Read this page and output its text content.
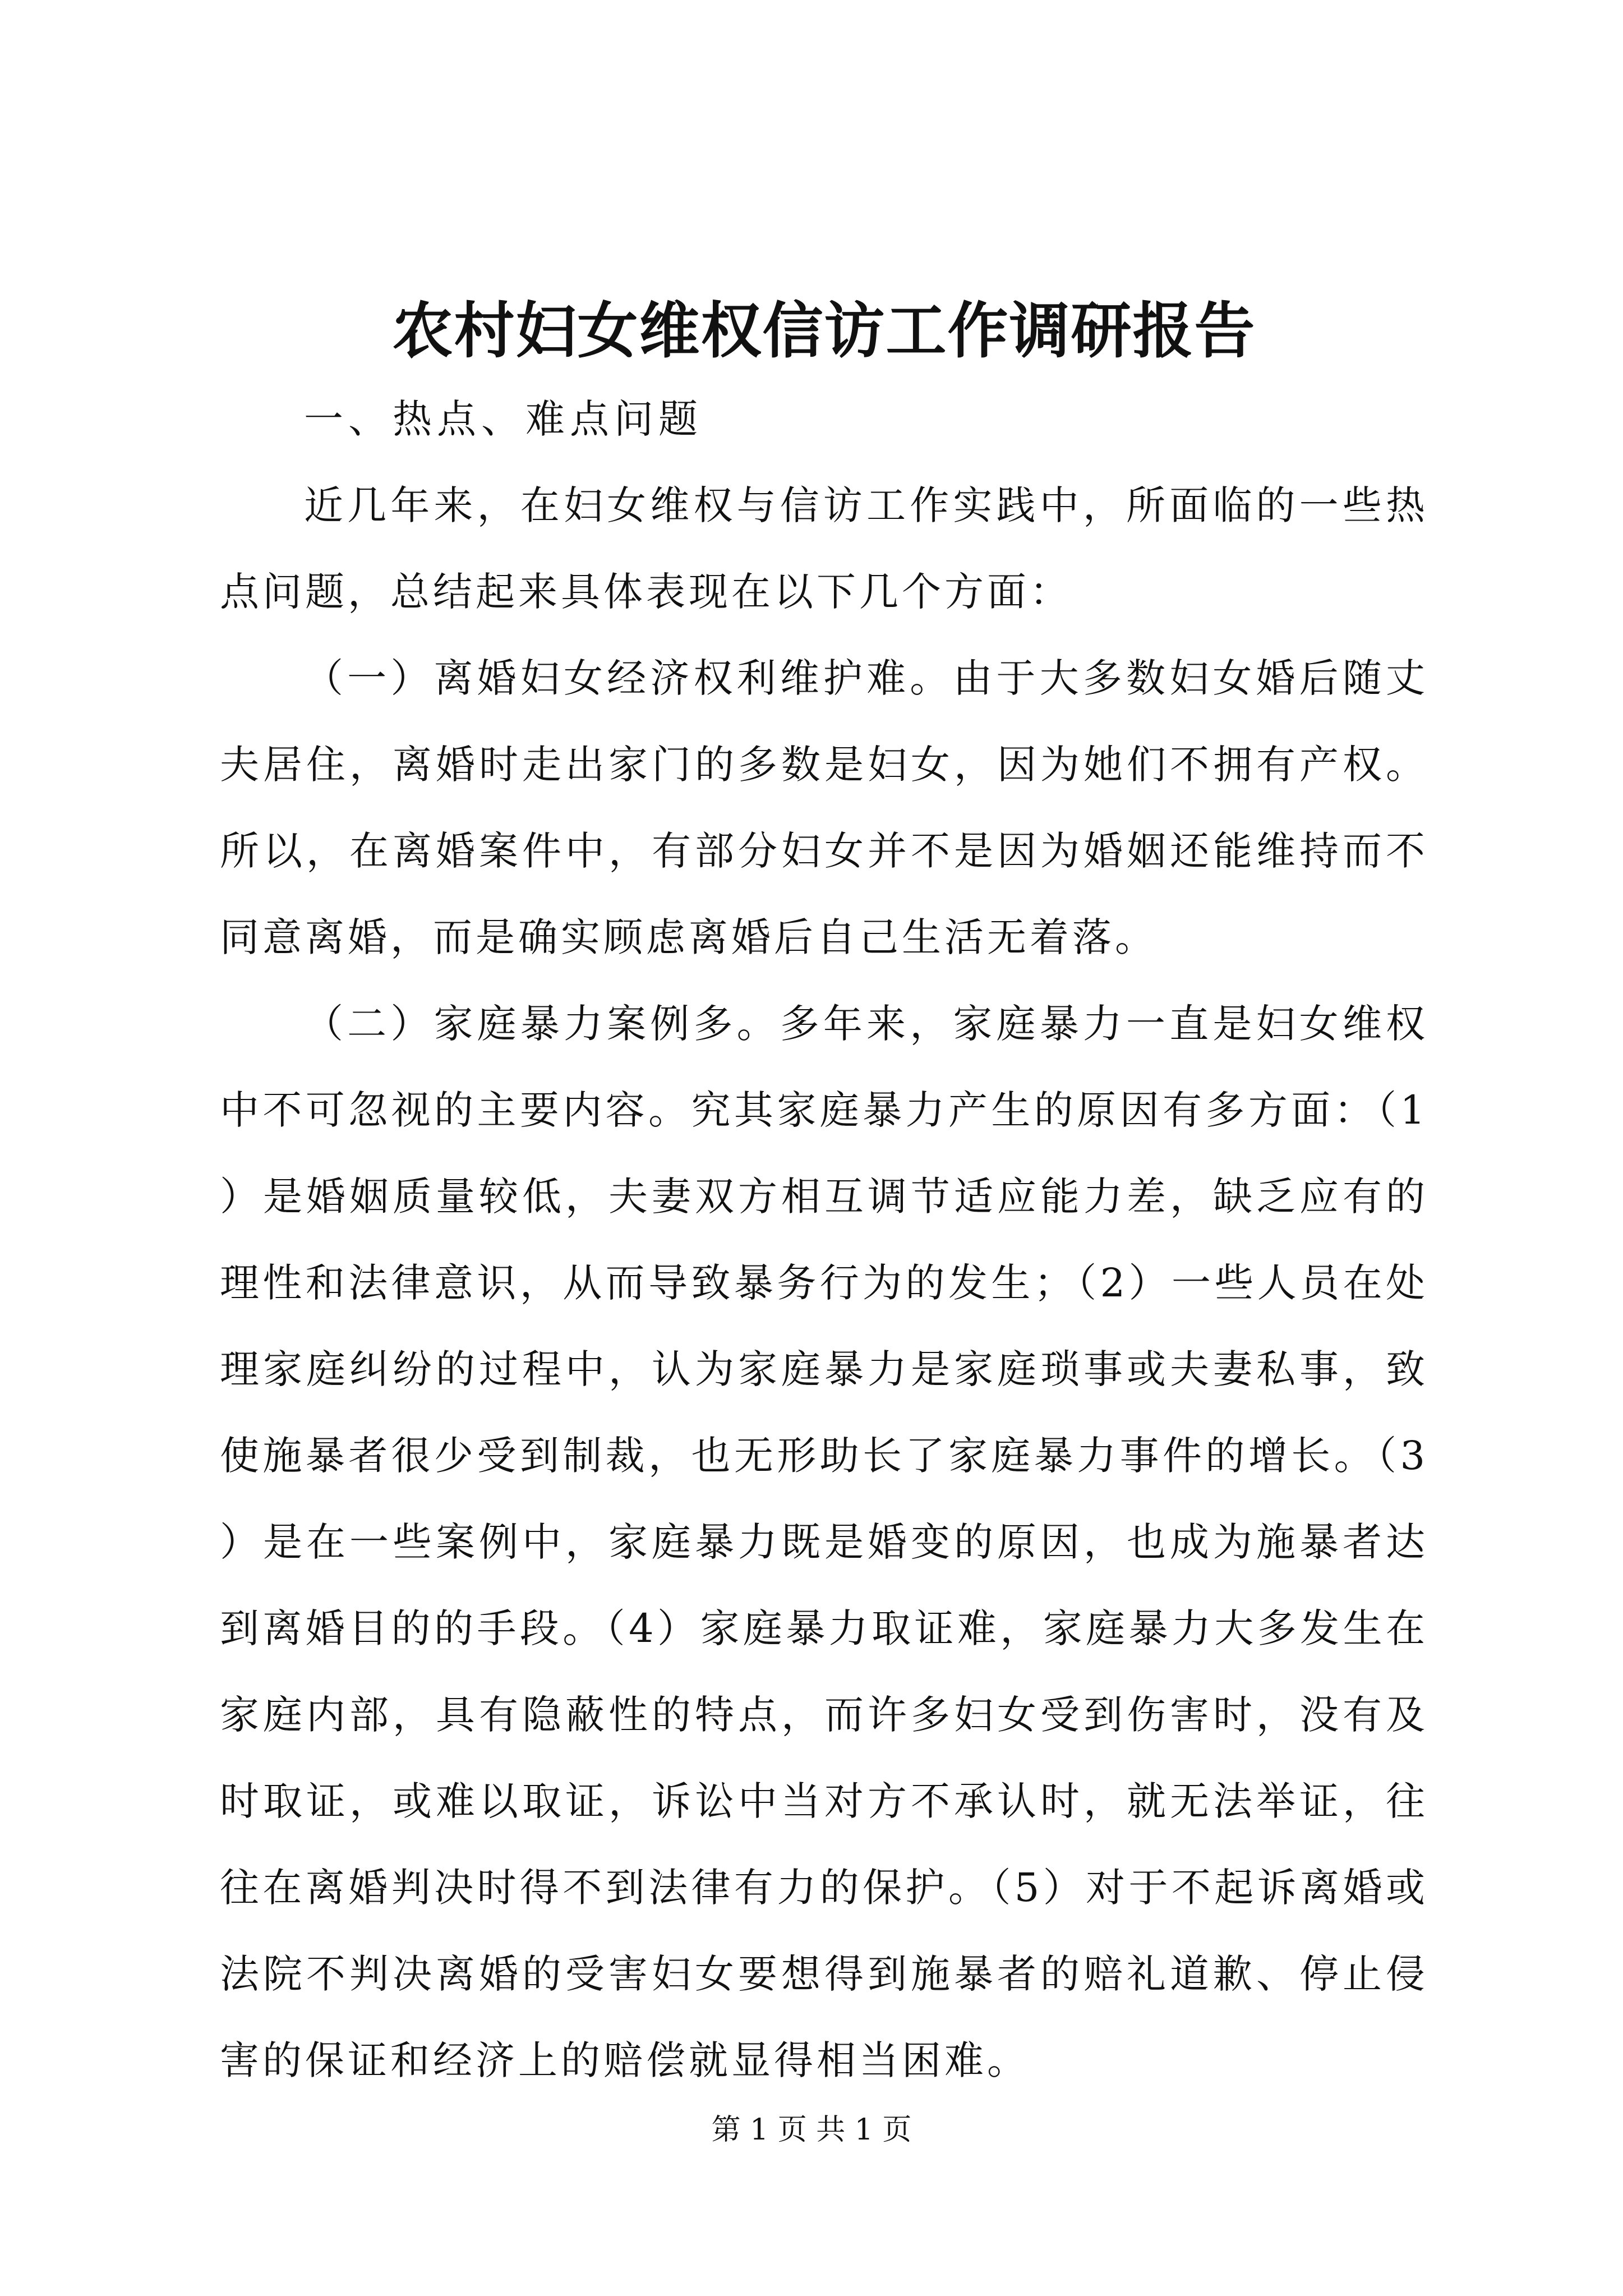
农村妇女维权信访工作调研报告

一、热点、难点问题

近几年来，在妇女维权与信访工作实践中，所面临的一些热点问题，总结起来具体表现在以下几个方面：

（一）离婚妇女经济权利维护难。由于大多数妇女婚后随丈夫居住，离婚时走出家门的多数是妇女，因为她们不拥有产权。所以，在离婚案件中，有部分妇女并不是因为婚姻还能维持而不同意离婚，而是确实顾虑离婚后自己生活无着落。

（二）家庭暴力案例多。多年来，家庭暴力一直是妇女维权中不可忽视的主要内容。究其家庭暴力产生的原因有多方面：（1）是婚姻质量较低，夫妻双方相互调节适应能力差，缺乏应有的理性和法律意识，从而导致暴务行为的发生；（2）一些人员在处理家庭纠纷的过程中，认为家庭暴力是家庭琐事或夫妻私事，致使施暴者很少受到制裁，也无形助长了家庭暴力事件的增长。（3）是在一些案例中，家庭暴力既是婚变的原因，也成为施暴者达到离婚目的的手段。（4）家庭暴力取证难，家庭暴力大多发生在家庭内部，具有隐蔽性的特点，而许多妇女受到伤害时，没有及时取证，或难以取证，诉讼中当对方不承认时，就无法举证，往往在离婚判决时得不到法律有力的保护。（5）对于不起诉离婚或法院不判决离婚的受害妇女要想得到施暴者的赔礼道歉、停止侵害的保证和经济上的赔偿就显得相当困难。

第 1 页 共 1 页
